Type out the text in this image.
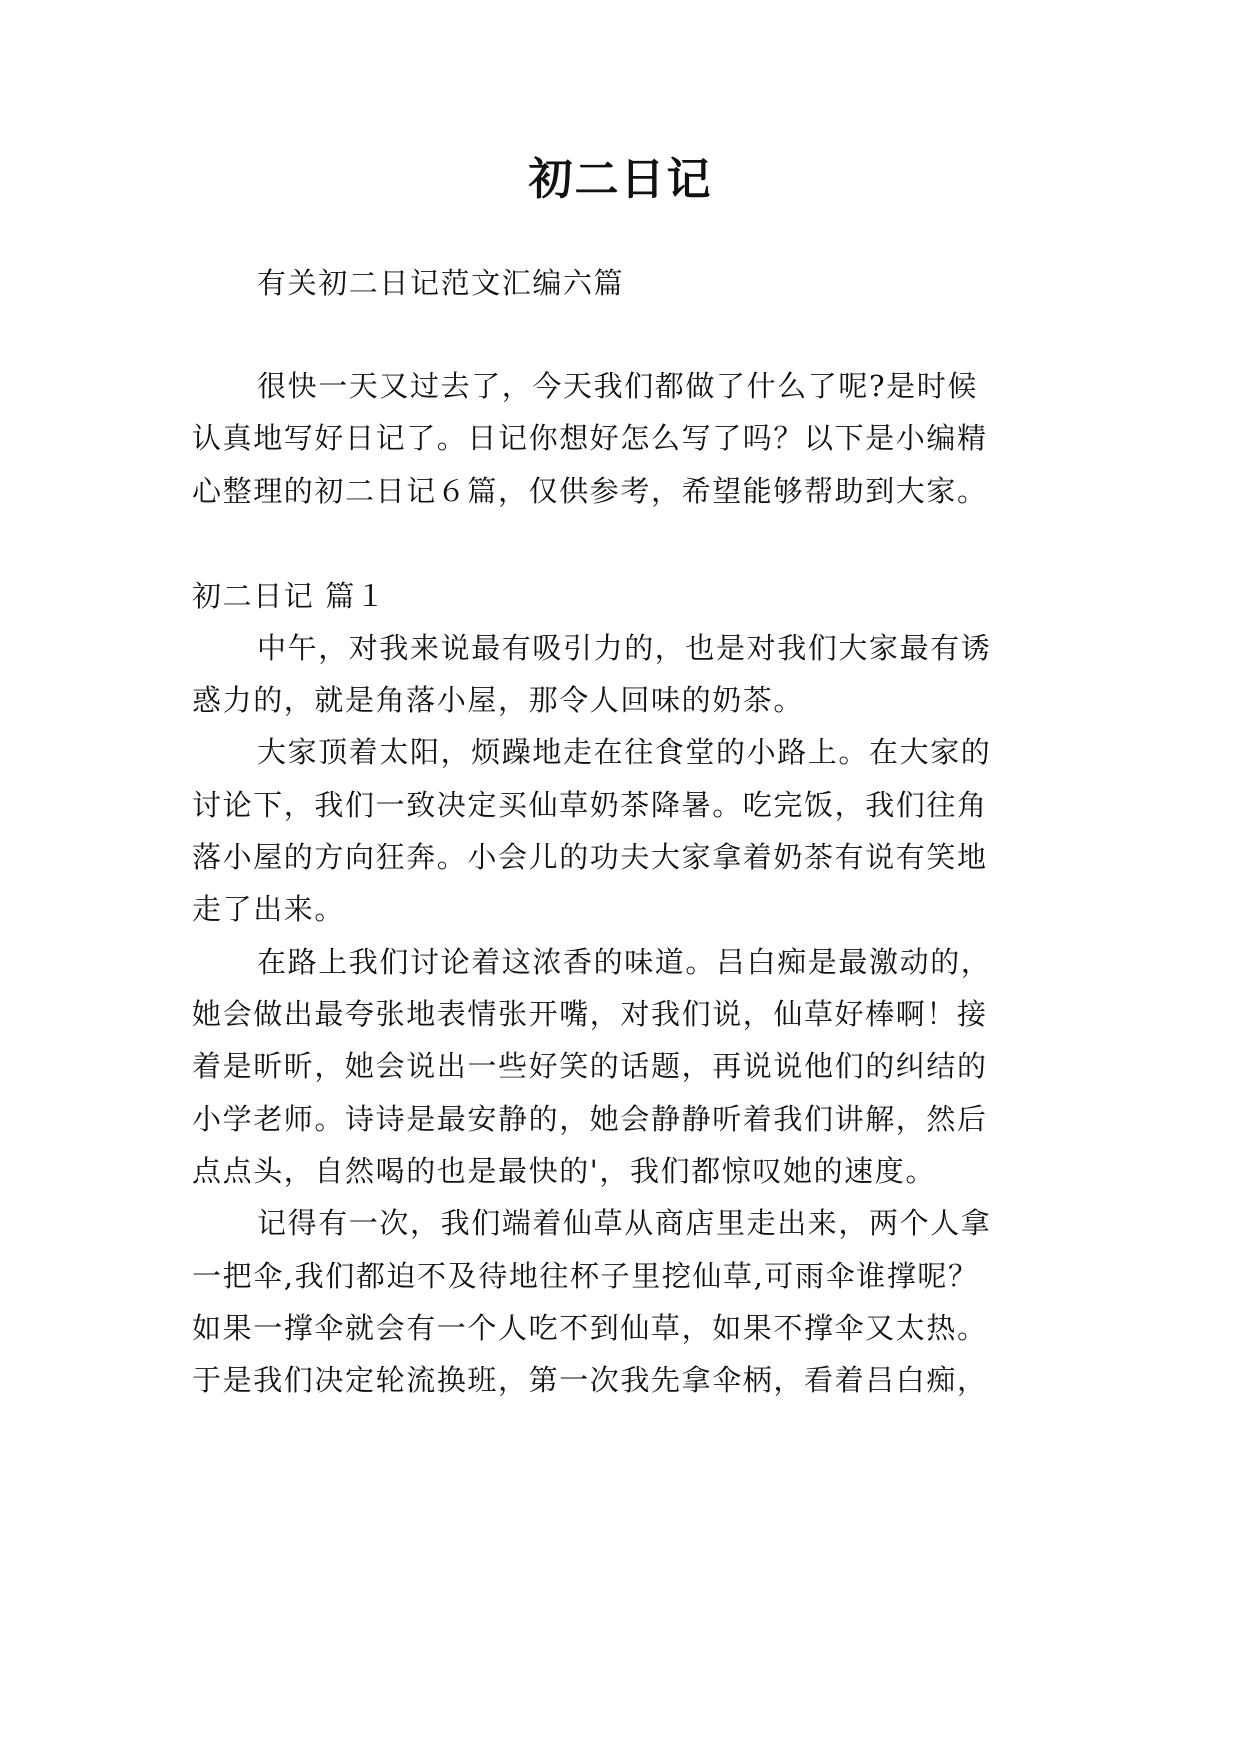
初二日记
有关初二日记范文汇编六篇
很快一天又过去了，今天我们都做了什么了呢?是时候
认真地写好日记了。日记你想好怎么写了吗？以下是小编精
心整理的初二日记６篇，仅供参考，希望能够帮助到大家。
初二日记 篇１
中午，对我来说最有吸引力的，也是对我们大家最有诱
惑力的，就是角落小屋，那令人回味的奶茶。
大家顶着太阳，烦躁地走在往食堂的小路上。在大家的
讨论下，我们一致决定买仙草奶茶降暑。吃完饭，我们往角
落小屋的方向狂奔。小会儿的功夫大家拿着奶茶有说有笑地
走了出来。
在路上我们讨论着这浓香的味道。吕白痴是最激动的，
她会做出最夸张地表情张开嘴，对我们说，仙草好棒啊！接
着是昕昕，她会说出一些好笑的话题，再说说他们的纠结的
小学老师。诗诗是最安静的，她会静静听着我们讲解，然后
点点头，自然喝的也是最快的'，我们都惊叹她的速度。
记得有一次，我们端着仙草从商店里走出来，两个人拿
一把伞,我们都迫不及待地往杯子里挖仙草,可雨伞谁撑呢？
如果一撑伞就会有一个人吃不到仙草，如果不撑伞又太热。
于是我们决定轮流换班，第一次我先拿伞柄，看着吕白痴，
